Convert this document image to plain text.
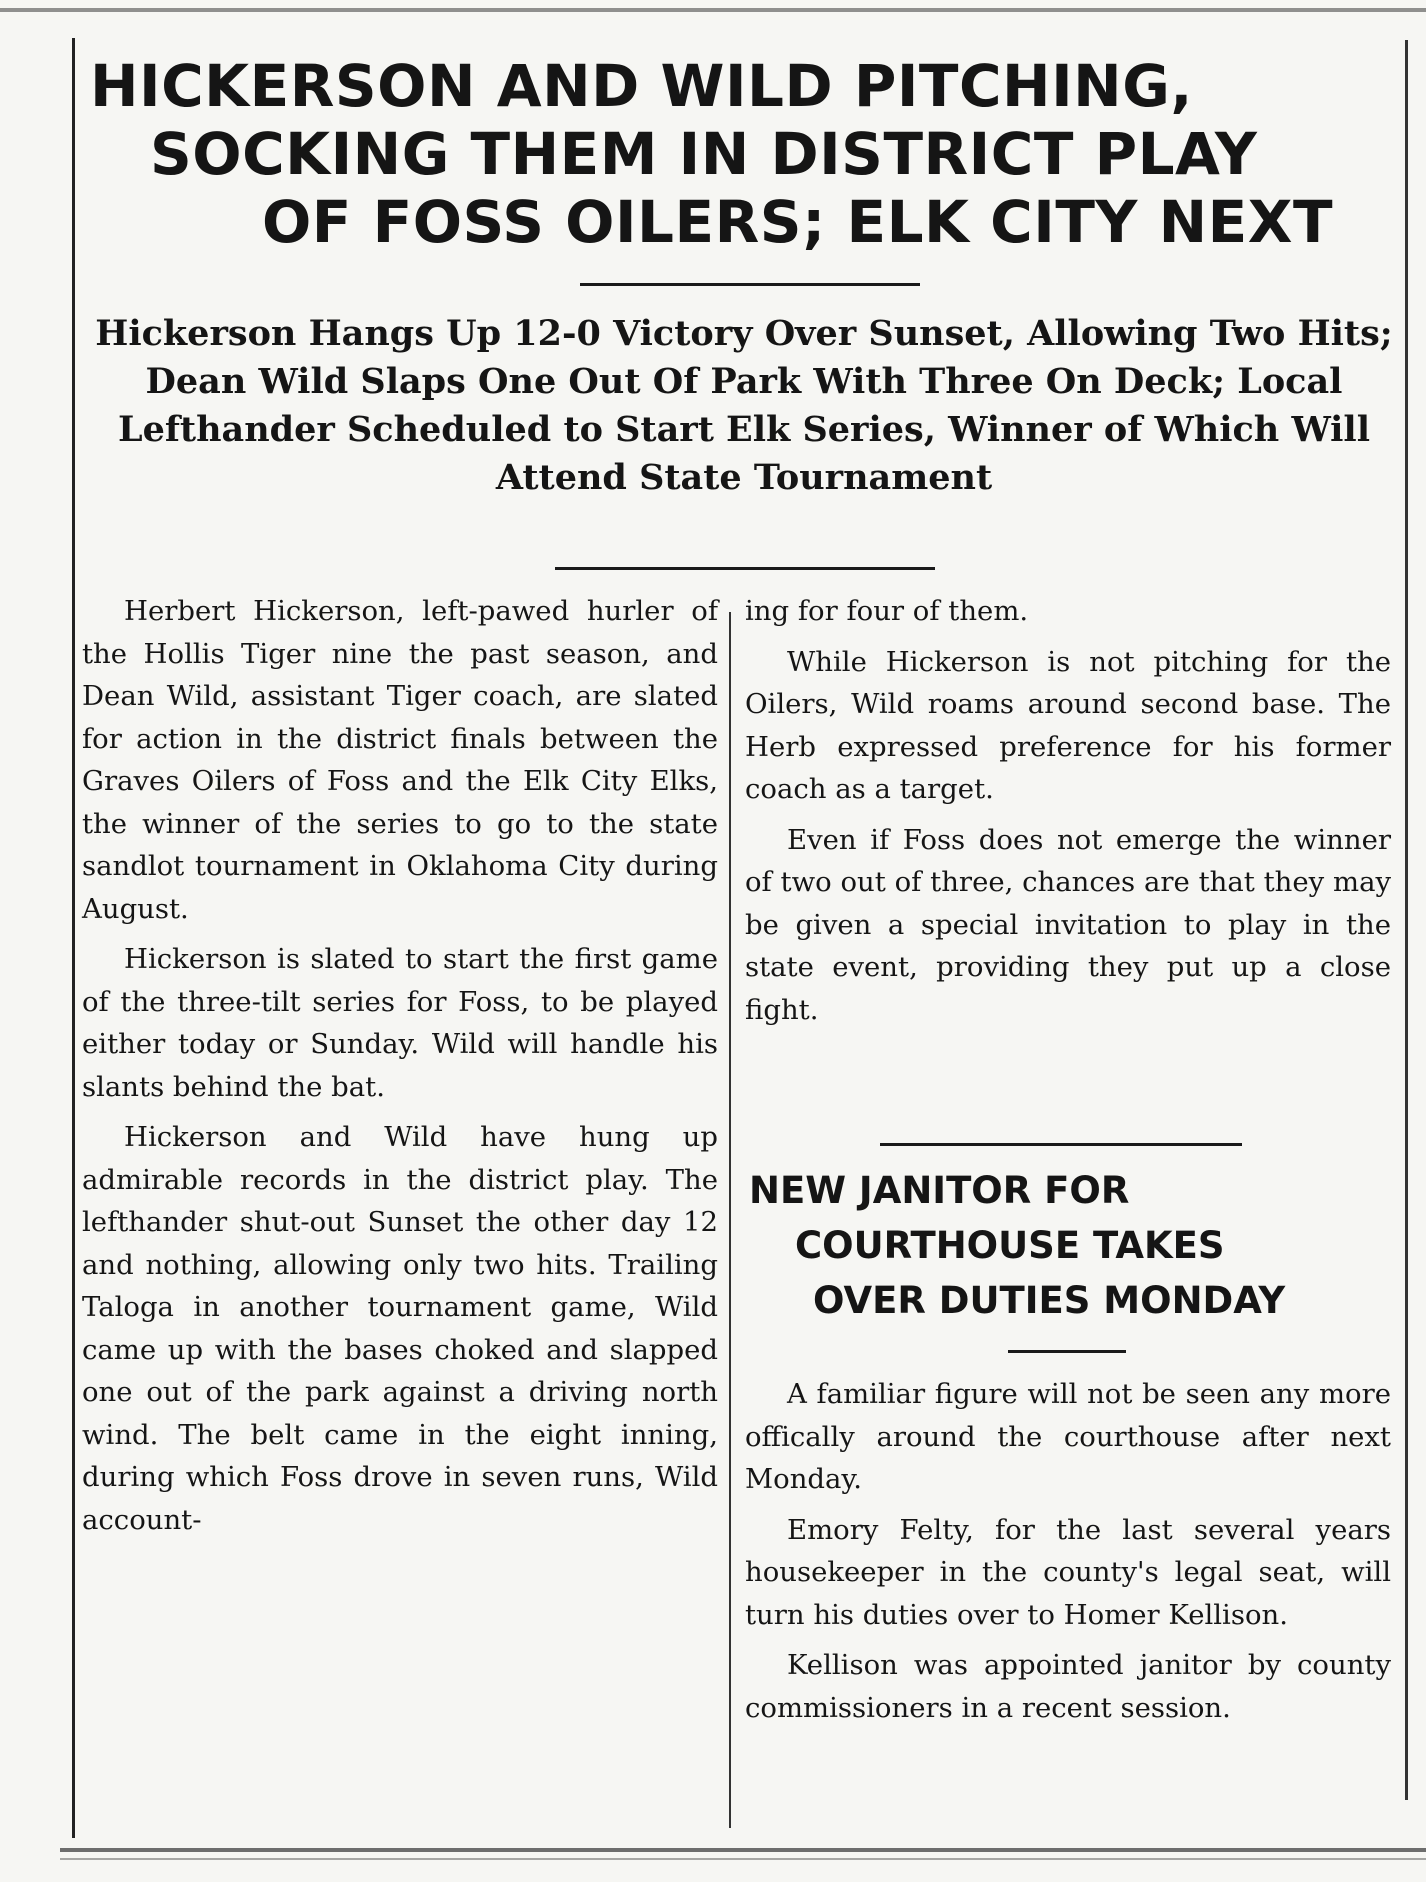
HICKERSON AND WILD PITCHING,
SOCKING THEM IN DISTRICT PLAY
OF FOSS OILERS; ELK CITY NEXT
Hickerson Hangs Up 12-0 Victory Over Sunset, Allowing Two Hits; Dean Wild Slaps One Out Of Park With Three On Deck; Local Lefthander Scheduled to Start Elk Series, Winner of Which Will Attend State Tournament

Herbert Hickerson, left-pawed hurler of the Hollis Tiger nine the past season, and Dean Wild, assistant Tiger coach, are slated for action in the district finals between the Graves Oilers of Foss and the Elk City Elks, the winner of the series to go to the state sandlot tournament in Oklahoma City during August.

Hickerson is slated to start the first game of the three-tilt series for Foss, to be played either today or Sunday. Wild will handle his slants behind the bat.

Hickerson and Wild have hung up admirable records in the district play. The lefthander shut-out Sunset the other day 12 and nothing, allowing only two hits. Trailing Taloga in another tournament game, Wild came up with the bases choked and slapped one out of the park against a driving north wind. The belt came in the eight inning, during which Foss drove in seven runs, Wild account-

ing for four of them.

While Hickerson is not pitching for the Oilers, Wild roams around second base. The Herb expressed preference for his former coach as a target.

Even if Foss does not emerge the winner of two out of three, chances are that they may be given a special invitation to play in the state event, providing they put up a close fight.

NEW JANITOR FOR
COURTHOUSE TAKES
OVER DUTIES MONDAY

A familiar figure will not be seen any more offically around the courthouse after next Monday.

Emory Felty, for the last several years housekeeper in the county's legal seat, will turn his duties over to Homer Kellison.

Kellison was appointed janitor by county commissioners in a recent session.
